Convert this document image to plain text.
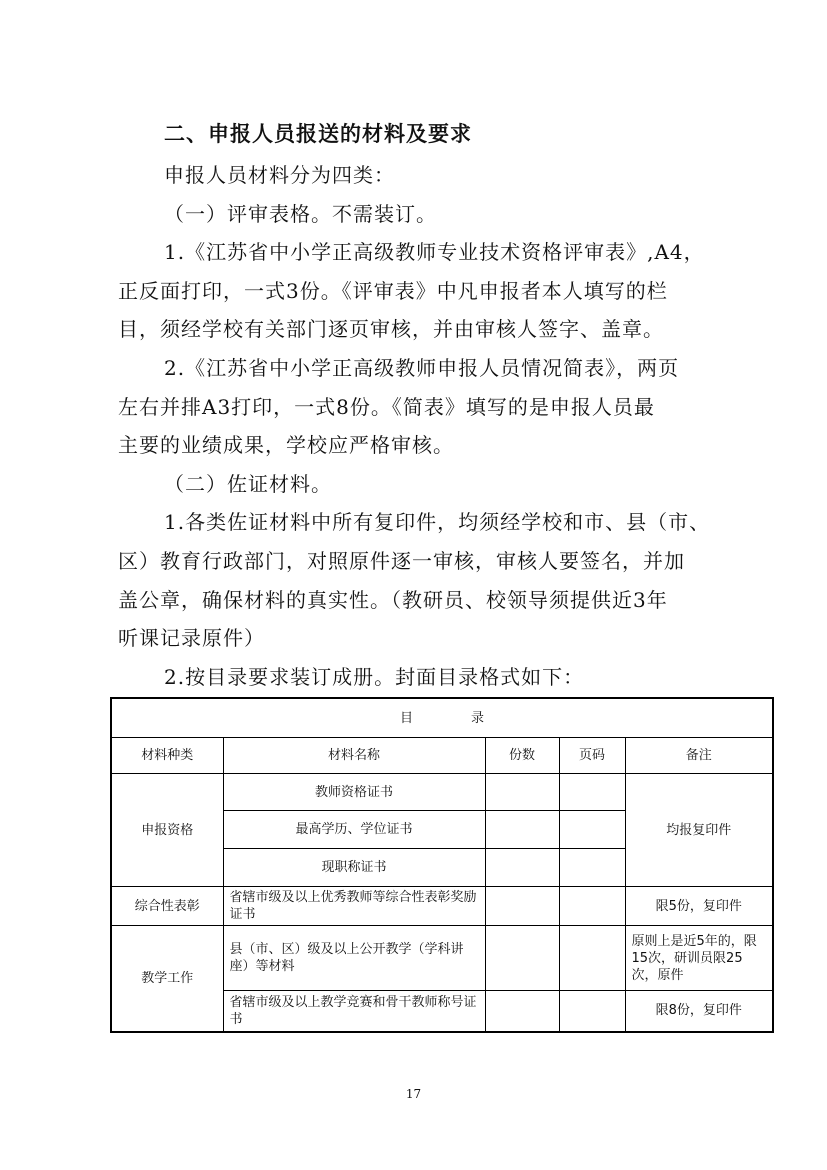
二、申报人员报送的材料及要求
申报人员材料分为四类：
（一）评审表格。不需装订。
1.《江苏省中小学正高级教师专业技术资格评审表》,A4，
正反面打印，一式3份。《评审表》中凡申报者本人填写的栏
目，须经学校有关部门逐页审核，并由审核人签字、盖章。
2.《江苏省中小学正高级教师申报人员情况简表》，两页
左右并排A3打印，一式8份。《简表》填写的是申报人员最
主要的业绩成果，学校应严格审核。
（二）佐证材料。
1.各类佐证材料中所有复印件，均须经学校和市、县（市、
区）教育行政部门，对照原件逐一审核，审核人要签名，并加
盖公章，确保材料的真实性。（教研员、校领导须提供近3年
听课记录原件）
2.按目录要求装订成册。封面目录格式如下：
目 录				
材料种类	材料名称	份数	页码	备注
申报资格	教师资格证书			均报复印件
	最高学历、学位证书			
	现职称证书			
综合性表彰	省辖市级及以上优秀教师等综合性表彰奖励证书			限5份，复印件
教学工作	县（市、区）级及以上公开教学（学科讲座）等材料			原则上是近5年的，限15次，研训员限25次，原件
	省辖市级及以上教学竞赛和骨干教师称号证书			限8份，复印件
17
